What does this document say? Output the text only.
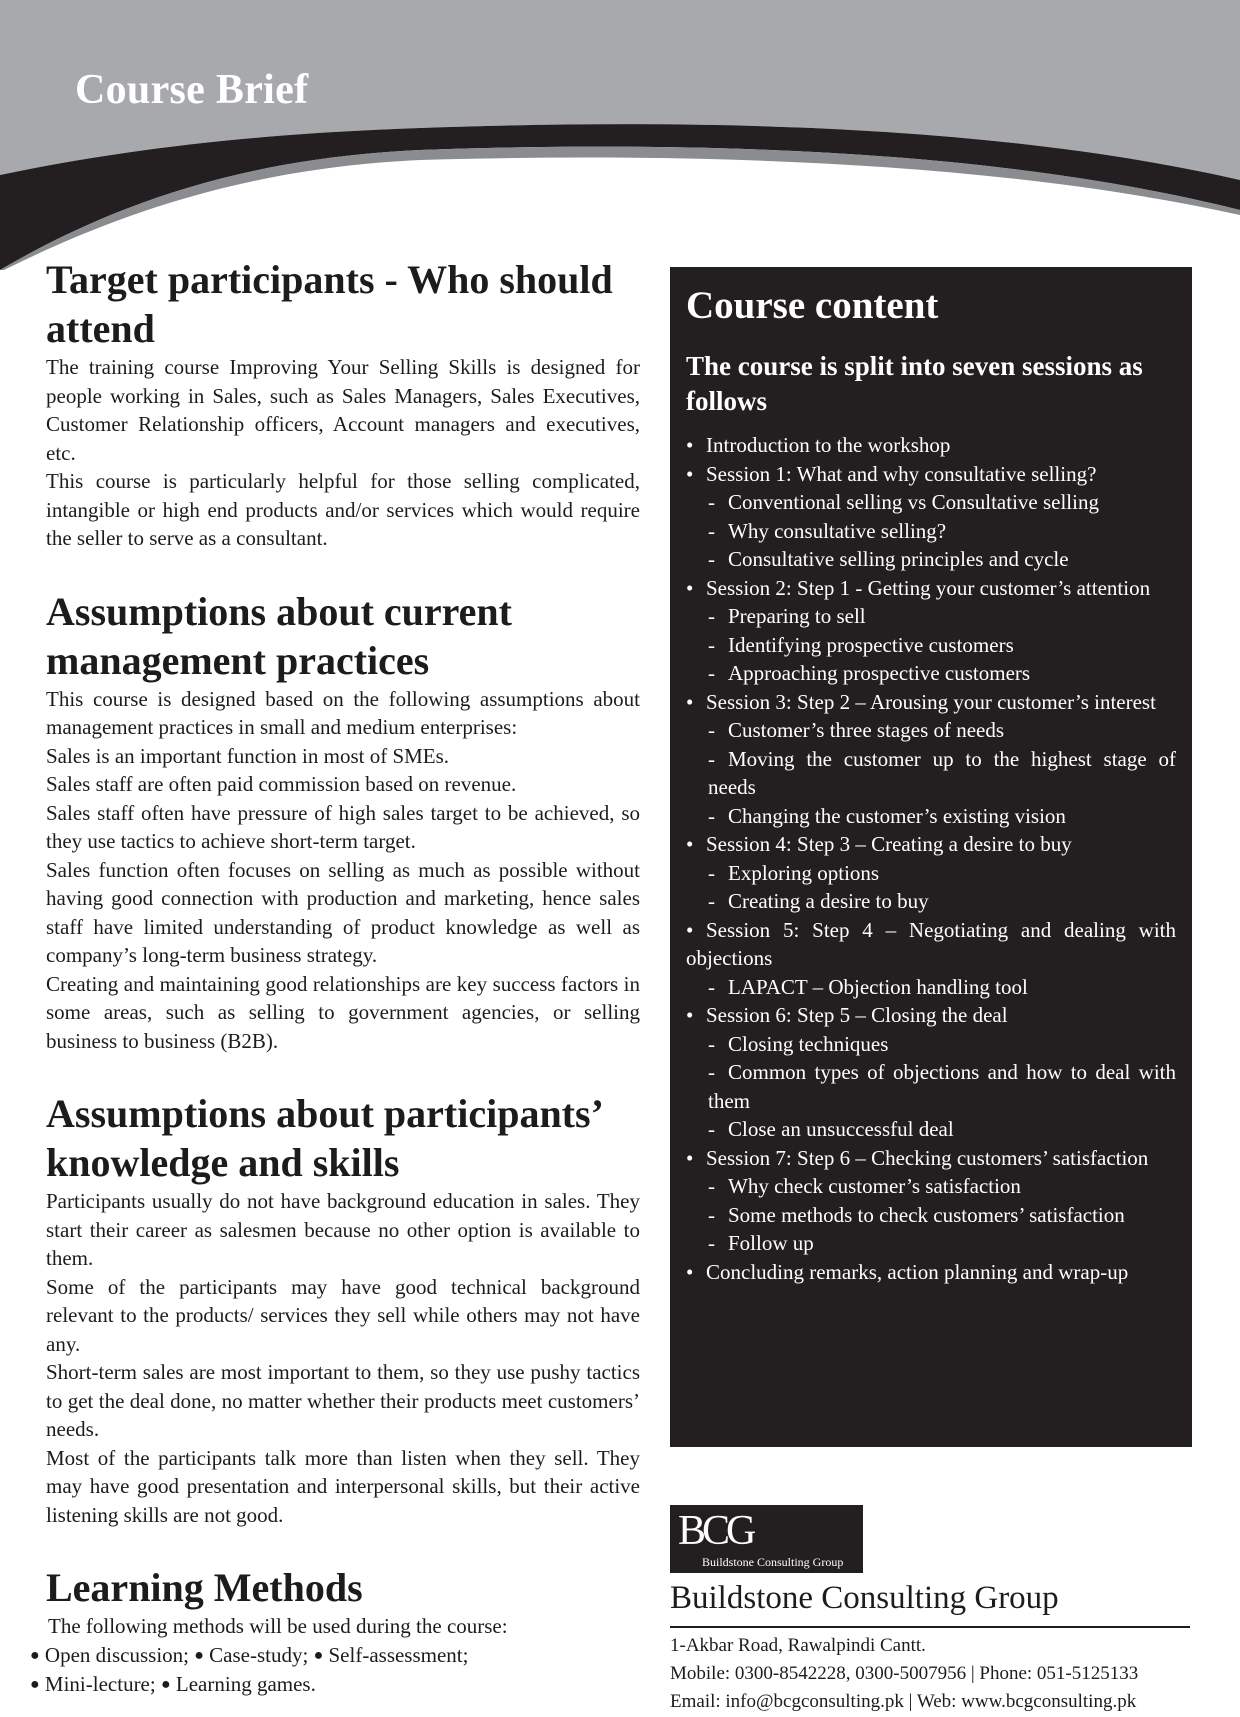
Course Brief
Target participants - Who should attend

The training course Improving Your Selling Skills is designed for people working in Sales, such as Sales Managers, Sales Executives, Customer Relationship officers, Account managers and executives, etc.

This course is particularly helpful for those selling complicated, intangible or high end products and/or services which would require the seller to serve as a consultant.

Assumptions about current management practices

This course is designed based on the following assumptions about management practices in small and medium enterprises:

Sales is an important function in most of SMEs.

Sales staff are often paid commission based on revenue.

Sales staff often have pressure of high sales target to be achieved, so they use tactics to achieve short-term target.

Sales function often focuses on selling as much as possible without having good connection with production and marketing, hence sales staff have limited understanding of product knowledge as well as company’s long-term business strategy.

Creating and maintaining good relationships are key success factors in some areas, such as selling to government agencies, or selling business to business (B2B).

Assumptions about participants’ knowledge and skills

Participants usually do not have background education in sales. They start their career as salesmen because no other option is available to them.

Some of the participants may have good technical background relevant to the products/ services they sell while others may not have any.

Short-term sales are most important to them, so they use pushy tactics to get the deal done, no matter whether their products meet customers’ needs.

Most of the participants talk more than listen when they sell. They may have good presentation and interpersonal skills, but their active listening skills are not good.

Learning Methods

The following methods will be used during the course:

● Open discussion; ● Case-study; ● Self-assessment;

● Mini-lecture; ● Learning games.

Course content

The course is split into seven sessions as follows

• Introduction to the workshop
• Session 1: What and why consultative selling?
- Conventional selling vs Consultative selling
- Why consultative selling?
- Consultative selling principles and cycle
• Session 2: Step 1 - Getting your customer’s attention
- Preparing to sell
- Identifying prospective customers
- Approaching prospective customers
• Session 3: Step 2 – Arousing your customer’s interest
- Customer’s three stages of needs
- Moving the customer up to the highest stage of needs
- Changing the customer’s existing vision
• Session 4: Step 3 – Creating a desire to buy
- Exploring options
- Creating a desire to buy
• Session 5: Step 4 – Negotiating and dealing with objections
- LAPACT – Objection handling tool
• Session 6: Step 5 – Closing the deal
- Closing techniques
- Common types of objections and how to deal with them
- Close an unsuccessful deal
• Session 7: Step 6 – Checking customers’ satisfaction
- Why check customer’s satisfaction
- Some methods to check customers’ satisfaction
- Follow up
• Concluding remarks, action planning and wrap-up
BCG
Buildstone Consulting Group
Buildstone Consulting Group

1-Akbar Road, Rawalpindi Cantt.

Mobile: 0300-8542228, 0300-5007956 | Phone: 051-5125133

Email: info@bcgconsulting.pk | Web: www.bcgconsulting.pk
